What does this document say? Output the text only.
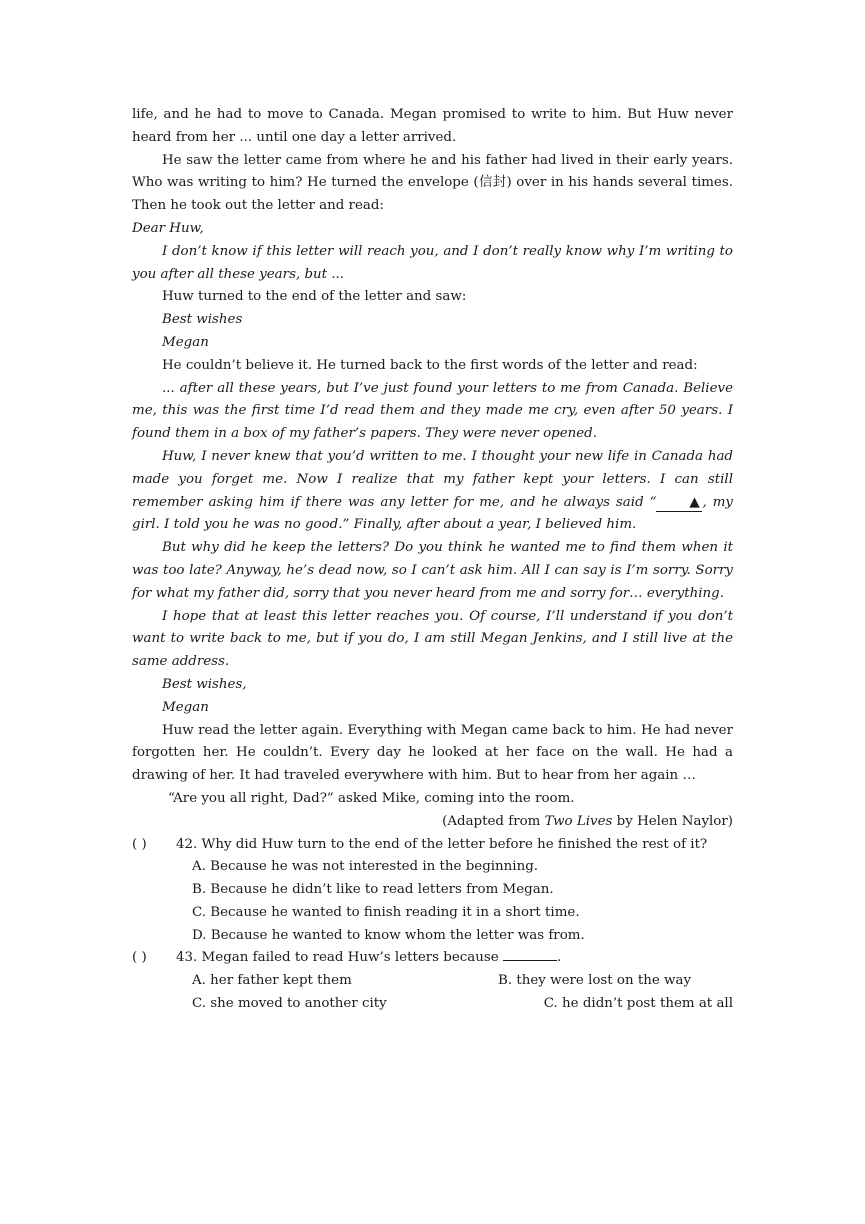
life, and he had to move to Canada. Megan promised to write to him. But Huw never heard from her ... until one day a letter arrived.

He saw the letter came from where he and his father had lived in their early years. Who was writing to him? He turned the envelope (信封) over in his hands several times. Then he took out the letter and read:

Dear Huw,

I don’t know if this letter will reach you, and I don’t really know why I’m writing to you after all these years, but ...

Huw turned to the end of the letter and saw:

Best wishes

Megan

He couldn’t believe it. He turned back to the first words of the letter and read:

... after all these years, but I’ve just found your letters to me from Canada. Believe me, this was the first time I’d read them and they made me cry, even after 50 years. I found them in a box of my father’s papers. They were never opened.

Huw, I never knew that you’d written to me. I thought your new life in Canada had made you forget me. Now I realize that my father kept your letters. I can still remember asking him if there was any letter for me, and he always said “ ▲ , my girl. I told you he was no good.” Finally, after about a year, I believed him.

But why did he keep the letters? Do you think he wanted me to find them when it was too late? Anyway, he’s dead now, so I can’t ask him. All I can say is I’m sorry. Sorry for what my father did, sorry that you never heard from me and sorry for… everything.

I hope that at least this letter reaches you. Of course, I’ll understand if you don’t want to write back to me, but if you do, I am still Megan Jenkins, and I still live at the same address.

Best wishes,

Megan

Huw read the letter again. Everything with Megan came back to him. He had never forgotten her. He couldn’t. Every day he looked at her face on the wall. He had a drawing of her. It had traveled everywhere with him. But to hear from her again …

“Are you all right, Dad?” asked Mike, coming into the room.

(Adapted from Two Lives by Helen Naylor)

( ) 42. Why did Huw turn to the end of the letter before he finished the rest of it?

A. Because he was not interested in the beginning.

B. Because he didn’t like to read letters from Megan.

C. Because he wanted to finish reading it in a short time.

D. Because he wanted to know whom the letter was from.

( ) 43. Megan failed to read Huw’s letters because	.

A. her father kept them	B. they were lost on the way
C. she moved to another city	C. he didn’t post them at all
